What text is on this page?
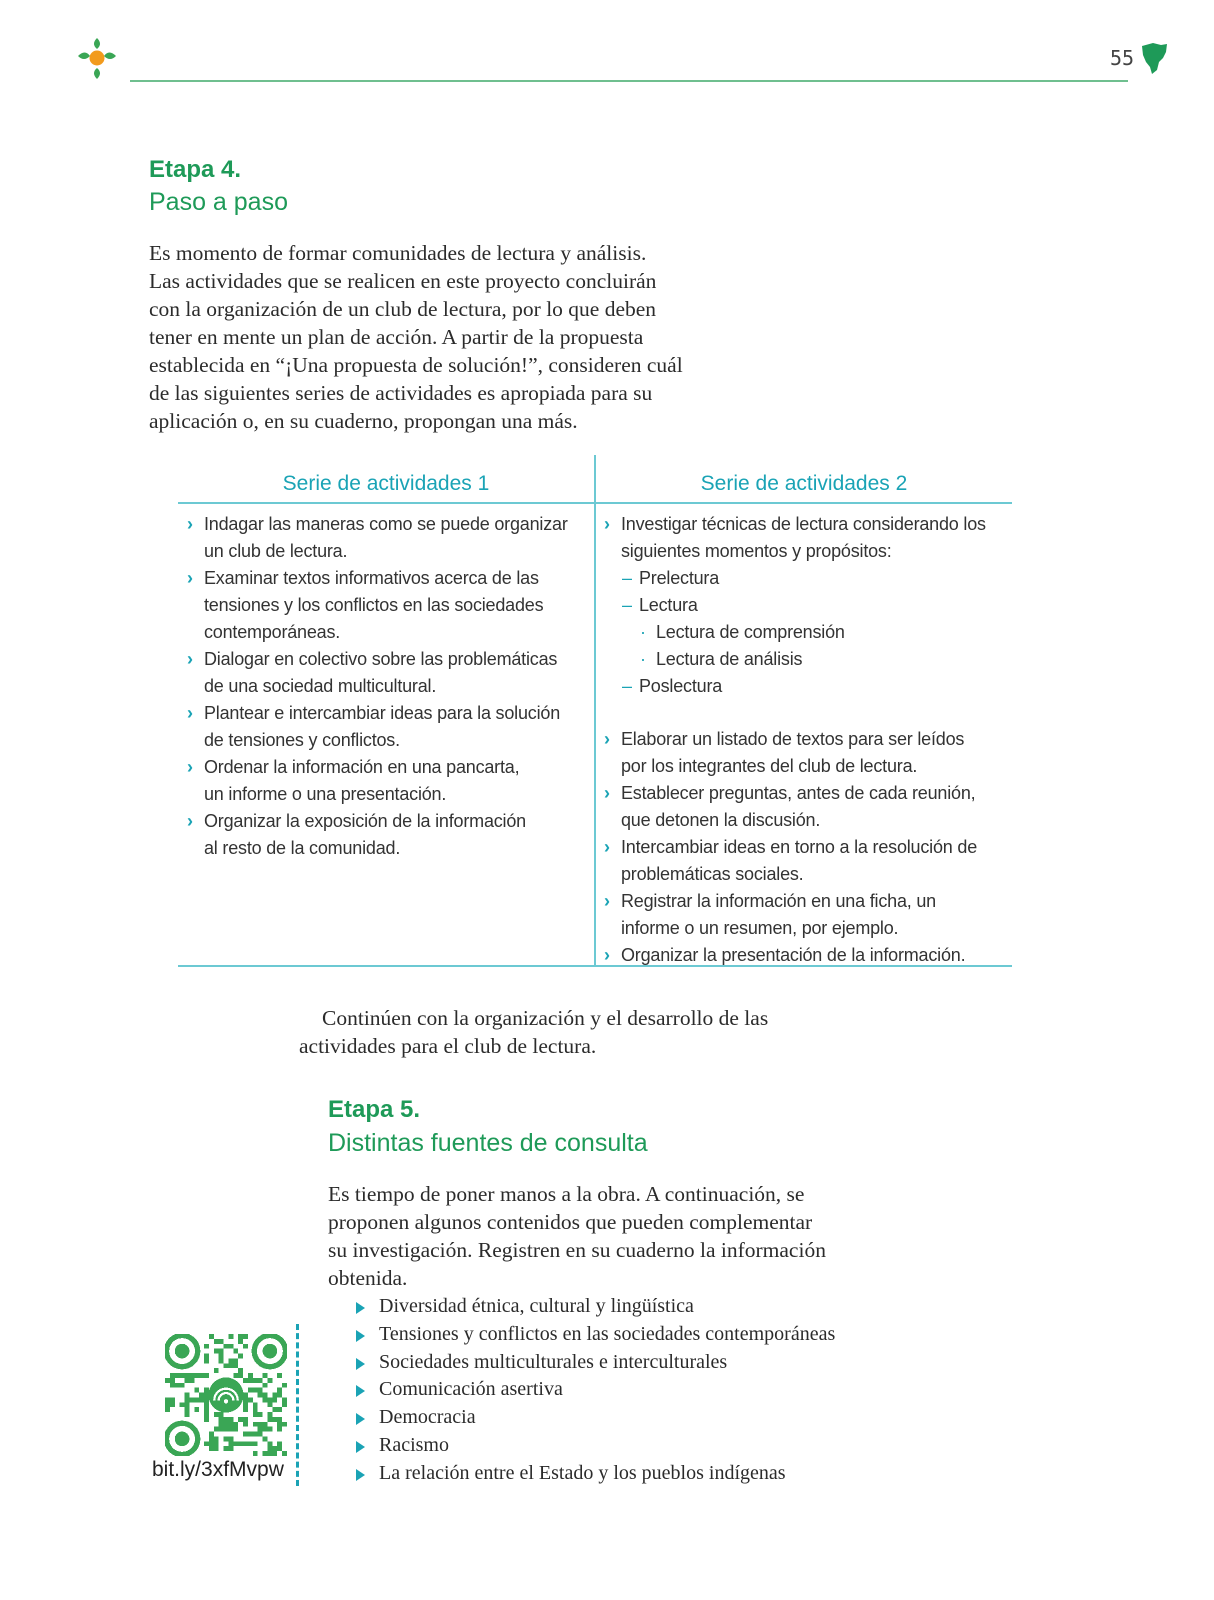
55
Etapa 4.
Paso a paso
Es momento de formar comunidades de lectura y análisis.
Las actividades que se realicen en este proyecto concluirán
con la organización de un club de lectura, por lo que deben
tener en mente un plan de acción. A partir de la propuesta
establecida en “¡Una propuesta de solución!”, consideren cuál
de las siguientes series de actividades es apropiada para su
aplicación o, en su cuaderno, propongan una más.
Serie de actividades 1	Serie de actividades 2
› Indagar las maneras como se puede organizar
un club de lectura.
› Examinar textos informativos acerca de las
tensiones y los conflictos en las sociedades
contemporáneas.
› Dialogar en colectivo sobre las problemáticas
de una sociedad multicultural.
› Plantear e intercambiar ideas para la solución
de tensiones y conflictos.
› Ordenar la información en una pancarta,
un informe o una presentación.
› Organizar la exposición de la información
al resto de la comunidad.
› Investigar técnicas de lectura considerando los
siguientes momentos y propósitos:
– Prelectura
– Lectura
· Lectura de comprensión
· Lectura de análisis
– Poslectura
› Elaborar un listado de textos para ser leídos
por los integrantes del club de lectura.
› Establecer preguntas, antes de cada reunión,
que detonen la discusión.
› Intercambiar ideas en torno a la resolución de
problemáticas sociales.
› Registrar la información en una ficha, un
informe o un resumen, por ejemplo.
› Organizar la presentación de la información.
Continúen con la organización y el desarrollo de las
actividades para el club de lectura.
Etapa 5.
Distintas fuentes de consulta
Es tiempo de poner manos a la obra. A continuación, se
proponen algunos contenidos que pueden complementar
su investigación. Registren en su cuaderno la información
obtenida.
Diversidad étnica, cultural y lingüística
Tensiones y conflictos en las sociedades contemporáneas
Sociedades multiculturales e interculturales
Comunicación asertiva
Democracia
Racismo
La relación entre el Estado y los pueblos indígenas
bit.ly/3xfMvpw
